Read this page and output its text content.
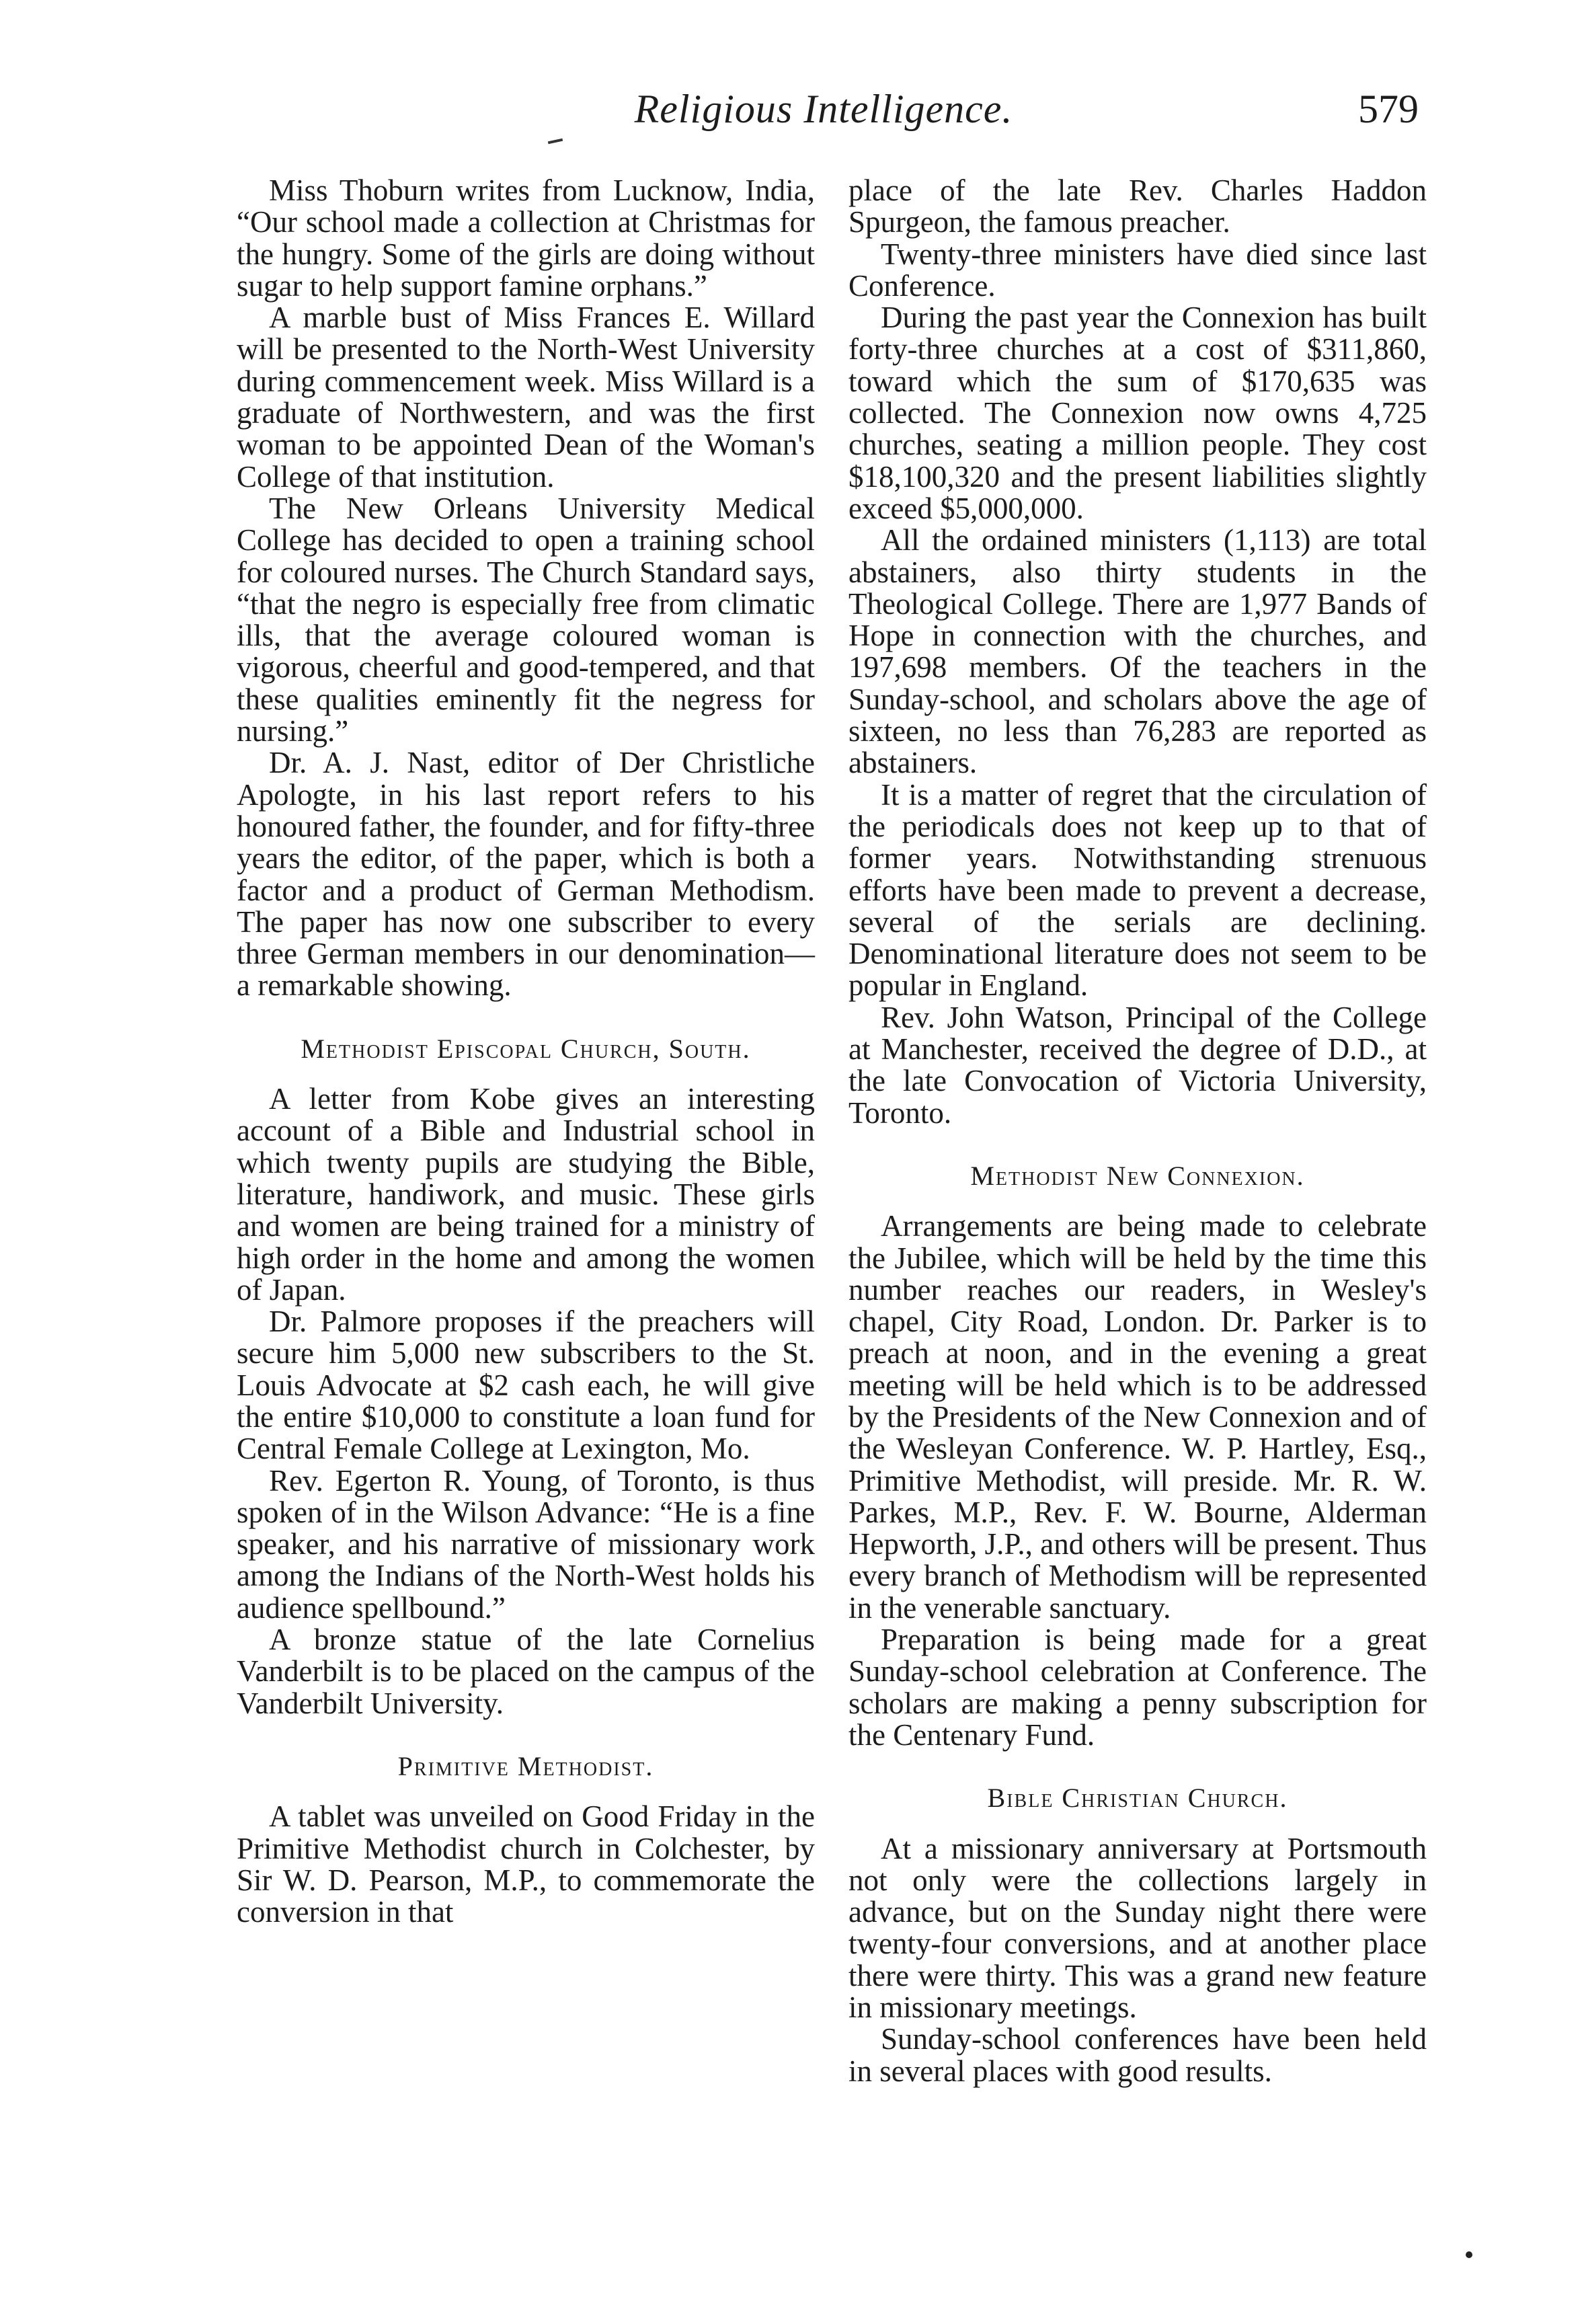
Religious Intelligence.	579

Miss Thoburn writes from Lucknow, India, “Our school made a collection at Christmas for the hungry. Some of the girls are doing without sugar to help support famine orphans.”

A marble bust of Miss Frances E. Willard will be presented to the North-West University during commencement week. Miss Willard is a graduate of Northwestern, and was the first woman to be appointed Dean of the Woman's College of that institution.

The New Orleans University Medical College has decided to open a training school for coloured nurses. The Church Standard says, “that the negro is especially free from climatic ills, that the average coloured woman is vigorous, cheerful and good-tempered, and that these qualities eminently fit the negress for nursing.”

Dr. A. J. Nast, editor of Der Christliche Apologte, in his last report refers to his honoured father, the founder, and for fifty-three years the editor, of the paper, which is both a factor and a product of German Methodism. The paper has now one subscriber to every three German members in our denomination—a remarkable showing.

Methodist Episcopal Church, South.

A letter from Kobe gives an interesting account of a Bible and Industrial school in which twenty pupils are studying the Bible, literature, handiwork, and music. These girls and women are being trained for a ministry of high order in the home and among the women of Japan.

Dr. Palmore proposes if the preachers will secure him 5,000 new subscribers to the St. Louis Advocate at $2 cash each, he will give the entire $10,000 to constitute a loan fund for Central Female College at Lexington, Mo.

Rev. Egerton R. Young, of Toronto, is thus spoken of in the Wilson Advance: “He is a fine speaker, and his narrative of missionary work among the Indians of the North-West holds his audience spellbound.”

A bronze statue of the late Cornelius Vanderbilt is to be placed on the campus of the Vanderbilt University.

Primitive Methodist.

A tablet was unveiled on Good Friday in the Primitive Methodist church in Colchester, by Sir W. D. Pearson, M.P., to commemorate the conversion in that

place of the late Rev. Charles Haddon Spurgeon, the famous preacher.

Twenty-three ministers have died since last Conference.

During the past year the Connexion has built forty-three churches at a cost of $311,860, toward which the sum of $170,635 was collected. The Connexion now owns 4,725 churches, seating a million people. They cost $18,100,320 and the present liabilities slightly exceed $5,000,000.

All the ordained ministers (1,113) are total abstainers, also thirty students in the Theological College. There are 1,977 Bands of Hope in connection with the churches, and 197,698 members. Of the teachers in the Sunday-school, and scholars above the age of sixteen, no less than 76,283 are reported as abstainers.

It is a matter of regret that the circulation of the periodicals does not keep up to that of former years. Notwithstanding strenuous efforts have been made to prevent a decrease, several of the serials are declining. Denominational literature does not seem to be popular in England.

Rev. John Watson, Principal of the College at Manchester, received the degree of D.D., at the late Convocation of Victoria University, Toronto.

Methodist New Connexion.

Arrangements are being made to celebrate the Jubilee, which will be held by the time this number reaches our readers, in Wesley's chapel, City Road, London. Dr. Parker is to preach at noon, and in the evening a great meeting will be held which is to be addressed by the Presidents of the New Connexion and of the Wesleyan Conference. W. P. Hartley, Esq., Primitive Methodist, will preside. Mr. R. W. Parkes, M.P., Rev. F. W. Bourne, Alderman Hepworth, J.P., and others will be present. Thus every branch of Methodism will be represented in the venerable sanctuary.

Preparation is being made for a great Sunday-school celebration at Conference. The scholars are making a penny subscription for the Centenary Fund.

Bible Christian Church.

At a missionary anniversary at Portsmouth not only were the collections largely in advance, but on the Sunday night there were twenty-four conversions, and at another place there were thirty. This was a grand new feature in missionary meetings.

Sunday-school conferences have been held in several places with good results.
